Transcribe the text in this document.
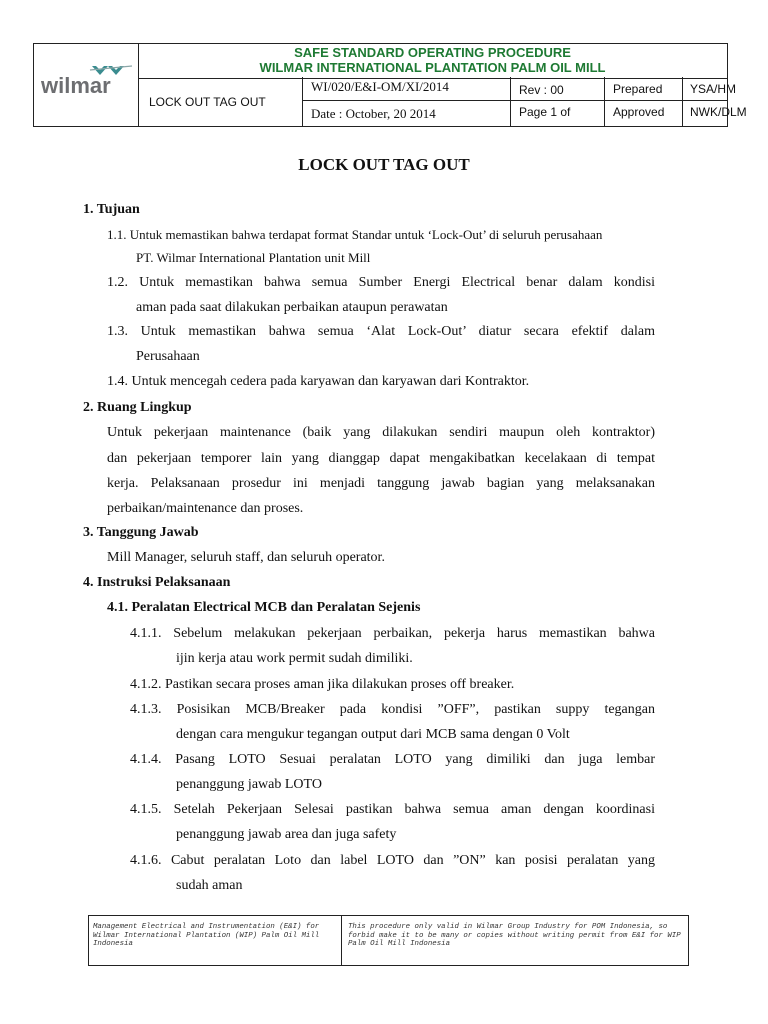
wilmar
SAFE STANDARD OPERATING PROCEDURE
WILMAR INTERNATIONAL PLANTATION PALM OIL MILL
LOCK OUT TAG OUT
WI/020/E&I-OM/XI/2014
Date : October, 20 2014
Rev : 00
Page 1 of
Prepared
Approved
YSA/HM
NWK/DLM
LOCK OUT TAG OUT
1. Tujuan
1.1. Untuk memastikan bahwa terdapat format Standar untuk ‘Lock-Out’ di seluruh perusahaan
PT. Wilmar International Plantation unit Mill
1.2. Untuk memastikan bahwa semua Sumber Energi Electrical benar dalam kondisi
aman pada saat dilakukan perbaikan ataupun perawatan
1.3. Untuk memastikan bahwa semua ‘Alat Lock-Out’ diatur secara efektif dalam
Perusahaan
1.4. Untuk mencegah cedera pada karyawan dan karyawan dari Kontraktor.
2. Ruang Lingkup
Untuk pekerjaan maintenance (baik yang dilakukan sendiri maupun oleh kontraktor)
dan pekerjaan temporer lain yang dianggap dapat mengakibatkan kecelakaan di tempat
kerja. Pelaksanaan prosedur ini menjadi tanggung jawab bagian yang melaksanakan
perbaikan/maintenance dan proses.
3. Tanggung Jawab
Mill Manager, seluruh staff, dan seluruh operator.
4. Instruksi Pelaksanaan
4.1. Peralatan Electrical MCB dan Peralatan Sejenis
4.1.1. Sebelum melakukan pekerjaan perbaikan, pekerja harus memastikan bahwa
ijin kerja atau work permit sudah dimiliki.
4.1.2. Pastikan secara proses aman jika dilakukan proses off breaker.
4.1.3. Posisikan MCB/Breaker pada kondisi ”OFF”, pastikan suppy tegangan
dengan cara mengukur tegangan output dari MCB sama dengan 0 Volt
4.1.4. Pasang LOTO Sesuai peralatan LOTO yang dimiliki dan juga lembar
penanggung jawab LOTO
4.1.5. Setelah Pekerjaan Selesai pastikan bahwa semua aman dengan koordinasi
penanggung jawab area dan juga safety
4.1.6. Cabut peralatan Loto dan label LOTO dan ”ON” kan posisi peralatan yang
sudah aman
Management Electrical and Instrumentation (E&I) for Wilmar International Plantation (WIP) Palm Oil Mill Indonesia
This procedure only valid in Wilmar Group Industry for POM Indonesia, so forbid make it to be many or copies without writing permit from E&I for WIP Palm Oil Mill Indonesia
